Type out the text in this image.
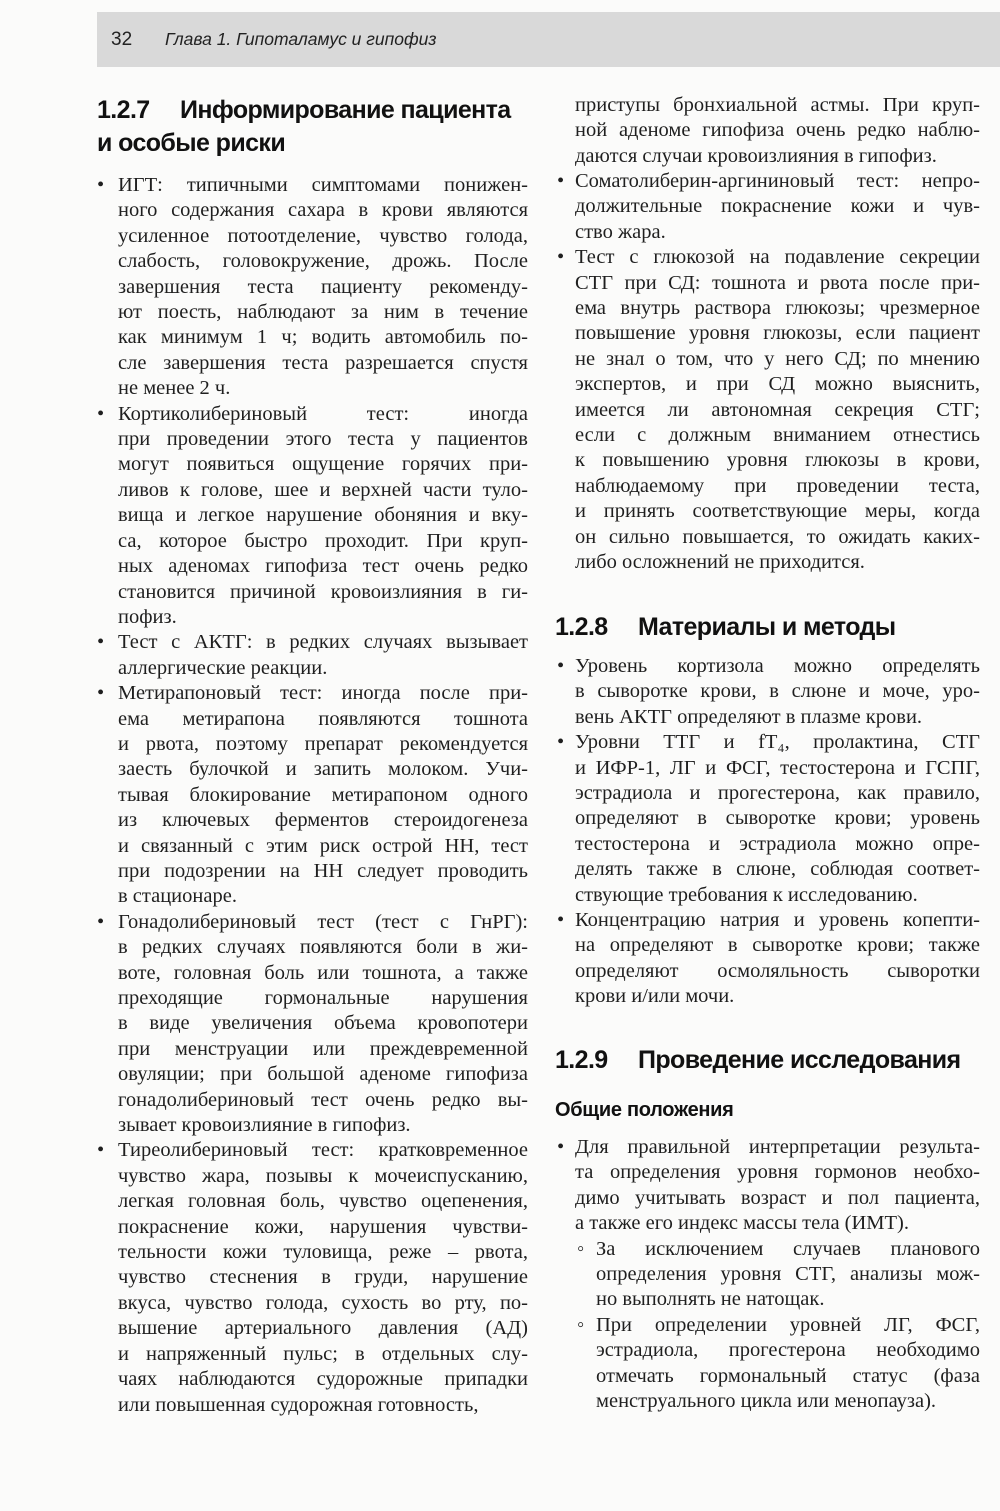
32 Глава 1. Гипоталамус и гипофиз
1.2.7 Информирование пациента
и особые риски
•
ИГТ: типичными симптомами понижен-
ного содержания сахара в крови являются
усиленное потоотделение, чувство голода,
слабость, головокружение, дрожь. После
завершения теста пациенту рекоменду-
ют поесть, наблюдают за ним в течение
как минимум 1 ч; водить автомобиль по-
сле завершения теста разрешается спустя
не менее 2 ч.
•
Кортиколибериновый тест: иногда
при проведении этого теста у пациентов
могут появиться ощущение горячих при-
ливов к голове, шее и верхней части туло-
вища и легкое нарушение обоняния и вку-
са, которое быстро проходит. При круп-
ных аденомах гипофиза тест очень редко
становится причиной кровоизлияния в ги-
пофиз.
•
Тест с АКТГ: в редких случаях вызывает
аллергические реакции.
•
Метирапоновый тест: иногда после при-
ема метирапона появляются тошнота
и рвота, поэтому препарат рекомендуется
заесть булочкой и запить молоком. Учи-
тывая блокирование метирапоном одного
из ключевых ферментов стероидогенеза
и связанный с этим риск острой НН, тест
при подозрении на НН следует проводить
в стационаре.
•
Гонадолибериновый тест (тест с ГнРГ):
в редких случаях появляются боли в жи-
воте, головная боль или тошнота, а также
преходящие гормональные нарушения
в виде увеличения объема кровопотери
при менструации или преждевременной
овуляции; при большой аденоме гипофиза
гонадолибериновый тест очень редко вы-
зывает кровоизлияние в гипофиз.
•
Тиреолибериновый тест: кратковременное
чувство жара, позывы к мочеиспусканию,
легкая головная боль, чувство оцепенения,
покраснение кожи, нарушения чувстви-
тельности кожи туловища, реже – рвота,
чувство стеснения в груди, нарушение
вкуса, чувство голода, сухость во рту, по-
вышение артериального давления (АД)
и напряженный пульс; в отдельных слу-
чаях наблюдаются судорожные припадки
или повышенная судорожная готовность,
приступы бронхиальной астмы. При круп-
ной аденоме гипофиза очень редко наблю-
даются случаи кровоизлияния в гипофиз.
•
Соматолиберин-аргининовый тест: непро-
должительные покраснение кожи и чув-
ство жара.
•
Тест с глюкозой на подавление секреции
СТГ при СД: тошнота и рвота после при-
ема внутрь раствора глюкозы; чрезмерное
повышение уровня глюкозы, если пациент
не знал о том, что у него СД; по мнению
экспертов, и при СД можно выяснить,
имеется ли автономная секреция СТГ;
если с должным вниманием отнестись
к повышению уровня глюкозы в крови,
наблюдаемому при проведении теста,
и принять соответствующие меры, когда
он сильно повышается, то ожидать каких-
либо осложнений не приходится.
1.2.8 Материалы и методы
•
Уровень кортизола можно определять
в сыворотке крови, в слюне и моче, уро-
вень АКТГ определяют в плазме крови.
•
Уровни ТТГ и fT₄, пролактина, СТГ
и ИФР-1, ЛГ и ФСГ, тестостерона и ГСПГ,
эстрадиола и прогестерона, как правило,
определяют в сыворотке крови; уровень
тестостерона и эстрадиола можно опре-
делять также в слюне, соблюдая соответ-
ствующие требования к исследованию.
•
Концентрацию натрия и уровень копепти-
на определяют в сыворотке крови; также
определяют осмоляльность сыворотки
крови и/или мочи.
1.2.9 Проведение исследования
Общие положения
•
Для правильной интерпретации результа-
та определения уровня гормонов необхо-
димо учитывать возраст и пол пациента,
а также его индекс массы тела (ИМТ).
◦
За исключением случаев планового
определения уровня СТГ, анализы мож-
но выполнять не натощак.
◦
При определении уровней ЛГ, ФСГ,
эстрадиола, прогестерона необходимо
отмечать гормональный статус (фаза
менструального цикла или менопауза).
